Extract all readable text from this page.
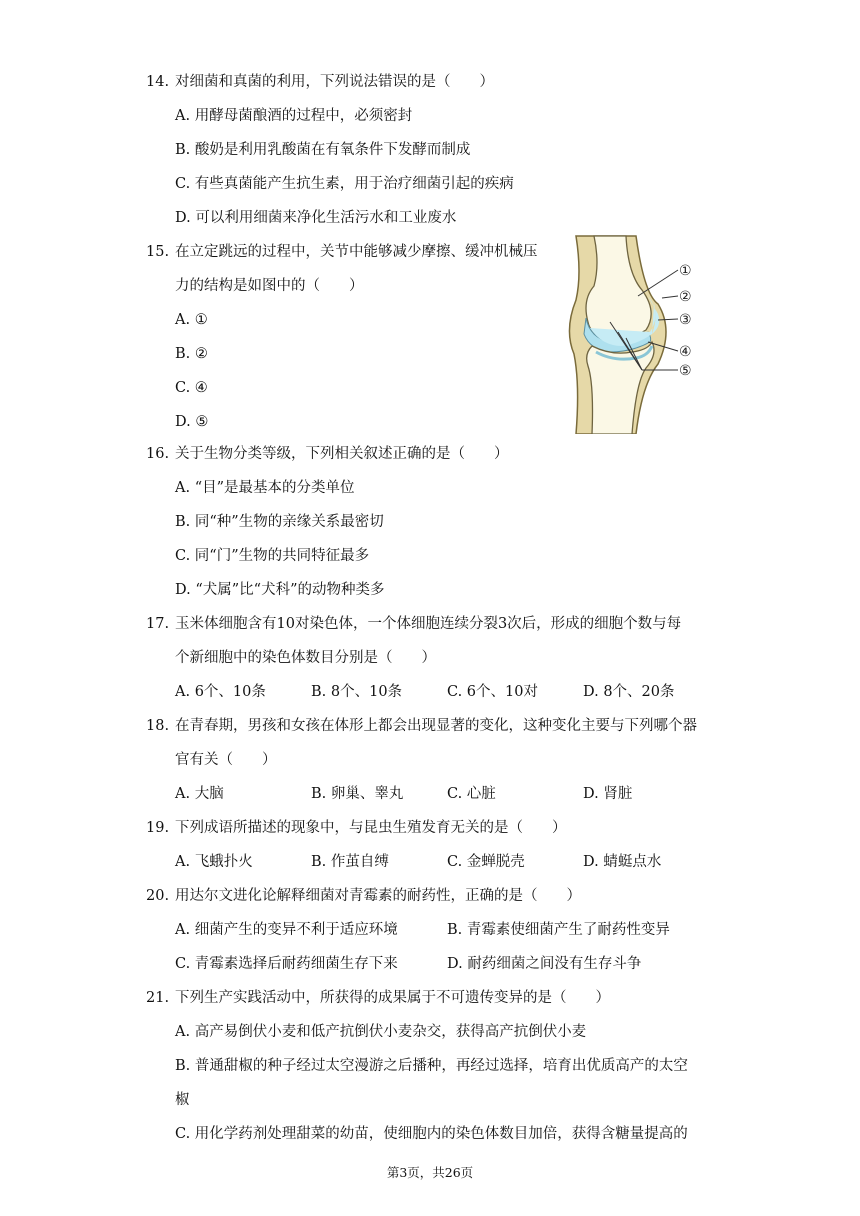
14. 对细菌和真菌的利用，下列说法错误的是（　　）
A. 用酵母菌酿酒的过程中，必须密封
B. 酸奶是利用乳酸菌在有氧条件下发酵而制成
C. 有些真菌能产生抗生素，用于治疗细菌引起的疾病
D. 可以利用细菌来净化生活污水和工业废水
15. 在立定跳远的过程中，关节中能够减少摩擦、缓冲机械压
力的结构是如图中的（　　）
A. ①
B. ②
C. ④
D. ⑤
①
②
③
④
⑤
16. 关于生物分类等级，下列相关叙述正确的是（　　）
A. “目”是最基本的分类单位
B. 同“种”生物的亲缘关系最密切
C. 同“门”生物的共同特征最多
D. “犬属”比“犬科”的动物种类多
17. 玉米体细胞含有10对染色体，一个体细胞连续分裂3次后，形成的细胞个数与每
个新细胞中的染色体数目分别是（　　）
A. 6个、10条	B. 8个、10条	C. 6个、10对	D. 8个、20条
18. 在青春期，男孩和女孩在体形上都会出现显著的变化，这种变化主要与下列哪个器
官有关（　　）
A. 大脑	B. 卵巢、睾丸	C. 心脏	D. 肾脏
19. 下列成语所描述的现象中，与昆虫生殖发育无关的是（　　）
A. 飞蛾扑火	B. 作茧自缚	C. 金蝉脱壳	D. 蜻蜓点水
20. 用达尔文进化论解释细菌对青霉素的耐药性，正确的是（　　）
A. 细菌产生的变异不利于适应环境	B. 青霉素使细菌产生了耐药性变异
C. 青霉素选择后耐药细菌生存下来	D. 耐药细菌之间没有生存斗争
21. 下列生产实践活动中，所获得的成果属于不可遗传变异的是（　　）
A. 高产易倒伏小麦和低产抗倒伏小麦杂交，获得高产抗倒伏小麦
B. 普通甜椒的种子经过太空漫游之后播种，再经过选择，培育出优质高产的太空
椒
C. 用化学药剂处理甜菜的幼苗，使细胞内的染色体数目加倍，获得含糖量提高的
第3页，共26页
